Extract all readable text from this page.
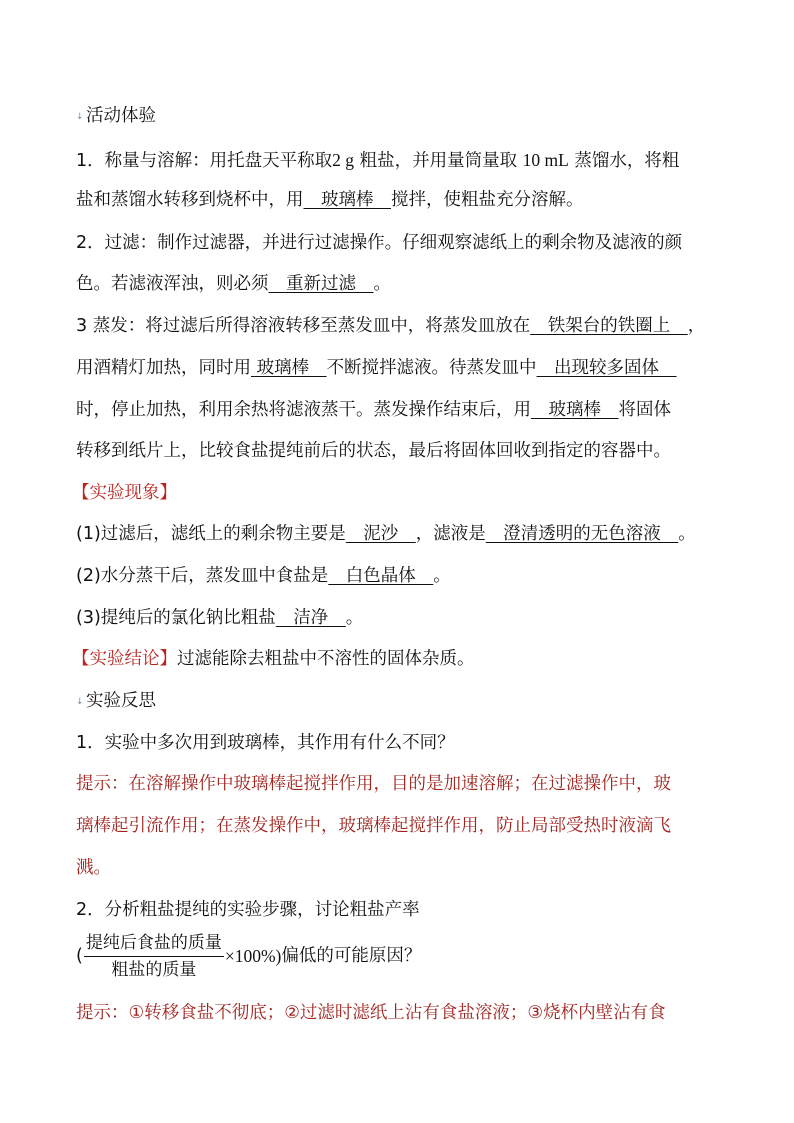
↓ 活动体验
1．称量与溶解：用托盘天平称取2 g 粗盐，并用量筒量取 10 mL 蒸馏水，将粗
盐和蒸馏水转移到烧杯中，用　玻璃棒　搅拌，使粗盐充分溶解。
2．过滤：制作过滤器，并进行过滤操作。仔细观察滤纸上的剩余物及滤液的颜
色。若滤液浑浊，则必须　重新过滤　。
3 蒸发：将过滤后所得溶液转移至蒸发皿中，将蒸发皿放在　铁架台的铁圈上　，
用酒精灯加热，同时用 玻璃棒　不断搅拌滤液。待蒸发皿中　出现较多固体　
时，停止加热，利用余热将滤液蒸干。蒸发操作结束后，用　玻璃棒　将固体
转移到纸片上，比较食盐提纯前后的状态，最后将固体回收到指定的容器中。
【实验现象】
(1)过滤后，滤纸上的剩余物主要是　泥沙　，滤液是　澄清透明的无色溶液　。
(2)水分蒸干后，蒸发皿中食盐是　白色晶体　。
(3)提纯后的氯化钠比粗盐　洁净　。
【实验结论】过滤能除去粗盐中不溶性的固体杂质。
↓ 实验反思
1．实验中多次用到玻璃棒，其作用有什么不同？
提示：在溶解操作中玻璃棒起搅拌作用，目的是加速溶解；在过滤操作中，玻
璃棒起引流作用；在蒸发操作中，玻璃棒起搅拌作用，防止局部受热时液滴飞
溅。
2．分析粗盐提纯的实验步骤，讨论粗盐产率
( $\frac{\text{提纯后食盐的质量}}{\text{粗盐的质量}} \times 100\%$) 偏低的可能原因？
提示：①转移食盐不彻底；②过滤时滤纸上沾有食盐溶液；③烧杯内壁沾有食
